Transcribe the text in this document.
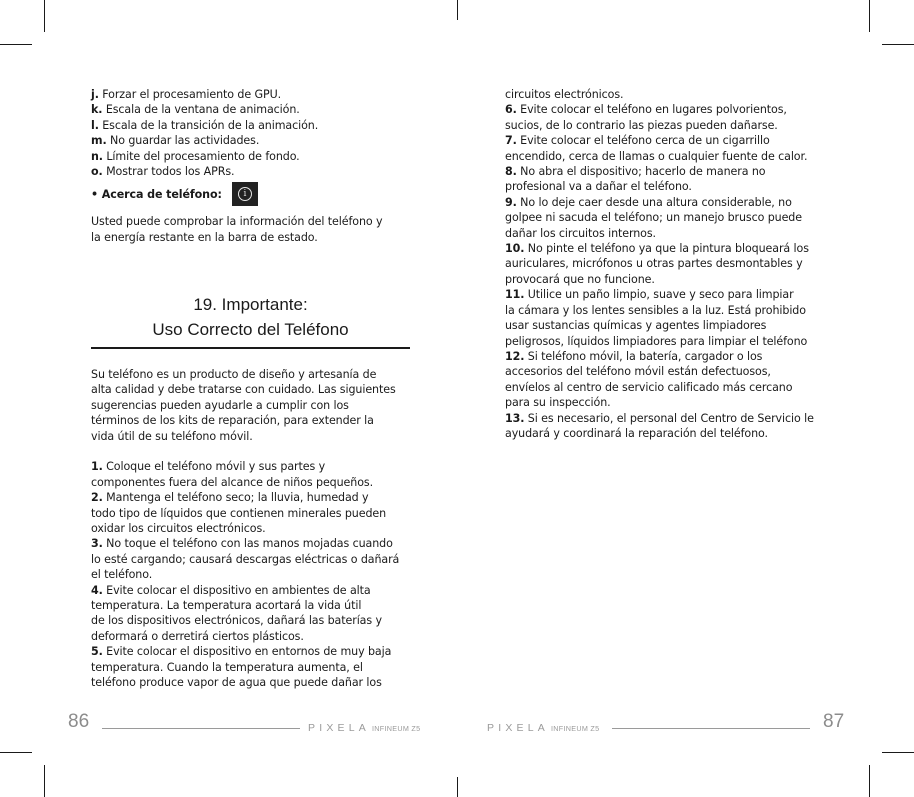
j. Forzar el procesamiento de GPU.

k. Escala de la ventana de animación.

l. Escala de la transición de la animación.

m. No guardar las actividades.

n. Límite del procesamiento de fondo.

o. Mostrar todos los APRs.

• Acerca de teléfono:	i

Usted puede comprobar la información del teléfono y

la energía restante en la barra de estado.

19. Importante:
Uso Correcto del Teléfono

Su teléfono es un producto de diseño y artesanía de

alta calidad y debe tratarse con cuidado. Las siguientes

sugerencias pueden ayudarle a cumplir con los

términos de los kits de reparación, para extender la

vida útil de su teléfono móvil.

1. Coloque el teléfono móvil y sus partes y

componentes fuera del alcance de niños pequeños.

2. Mantenga el teléfono seco; la lluvia, humedad y

todo tipo de líquidos que contienen minerales pueden

oxidar los circuitos electrónicos.

3. No toque el teléfono con las manos mojadas cuando

lo esté cargando; causará descargas eléctricas o dañará

el teléfono.

4. Evite colocar el dispositivo en ambientes de alta

temperatura. La temperatura acortará la vida útil

de los dispositivos electrónicos, dañará las baterías y

deformará o derretirá ciertos plásticos.

5. Evite colocar el dispositivo en entornos de muy baja

temperatura. Cuando la temperatura aumenta, el

teléfono produce vapor de agua que puede dañar los

circuitos electrónicos.

6. Evite colocar el teléfono en lugares polvorientos,

sucios, de lo contrario las piezas pueden dañarse.

7. Evite colocar el teléfono cerca de un cigarrillo

encendido, cerca de llamas o cualquier fuente de calor.

8. No abra el dispositivo; hacerlo de manera no

profesional va a dañar el teléfono.

9. No lo deje caer desde una altura considerable, no

golpee ni sacuda el teléfono; un manejo brusco puede

dañar los circuitos internos.

10. No pinte el teléfono ya que la pintura bloqueará los

auriculares, micrófonos u otras partes desmontables y

provocará que no funcione.

11. Utilice un paño limpio, suave y seco para limpiar

la cámara y los lentes sensibles a la luz. Está prohibido

usar sustancias químicas y agentes limpiadores

peligrosos, líquidos limpiadores para limpiar el teléfono

12. Si teléfono móvil, la batería, cargador o los

accesorios del teléfono móvil están defectuosos,

envíelos al centro de servicio calificado más cercano

para su inspección.

13. Si es necesario, el personal del Centro de Servicio le

ayudará y coordinará la reparación del teléfono.

86	PIXELA INFINEUM Z5	PIXELA INFINEUM Z5	87
